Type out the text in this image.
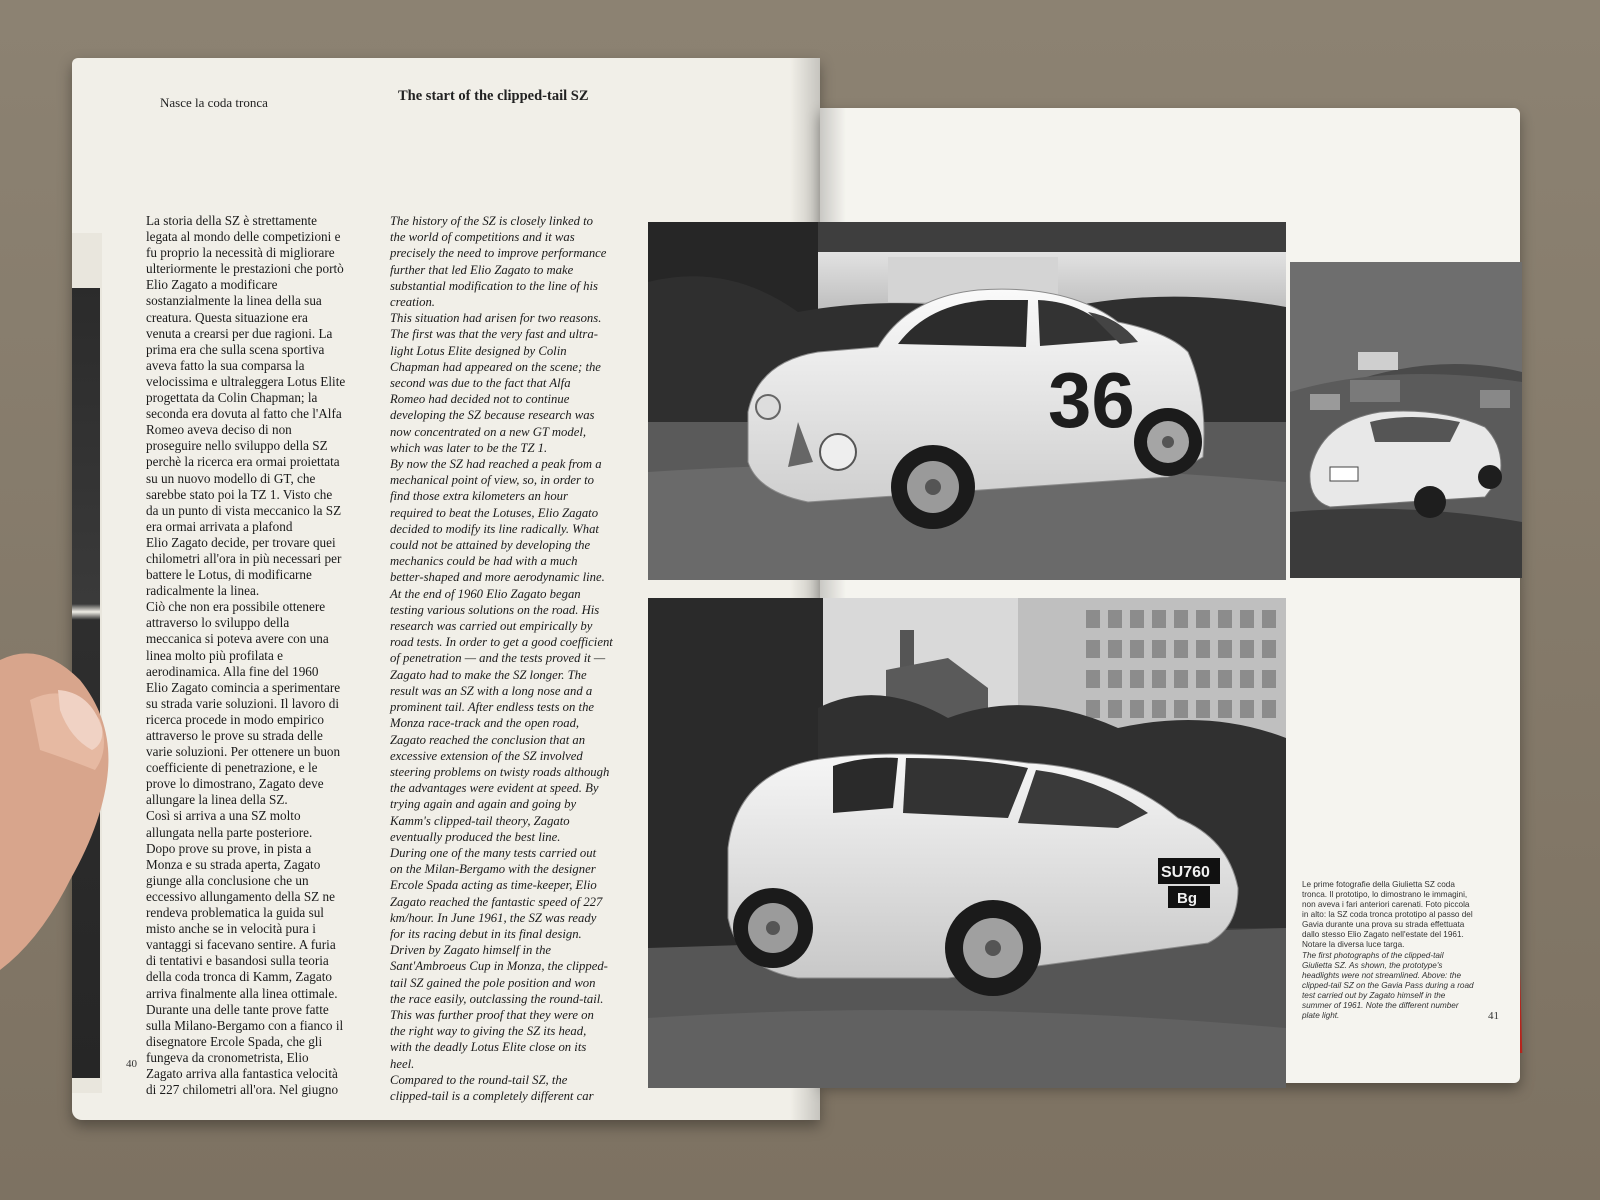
Nasce la coda tronca	The start of the clipped-tail SZ
La storia della SZ è strettamente
legata al mondo delle competizioni e
fu proprio la necessità di migliorare
ulteriormente le prestazioni che portò
Elio Zagato a modificare
sostanzialmente la linea della sua
creatura. Questa situazione era
venuta a crearsi per due ragioni. La
prima era che sulla scena sportiva
aveva fatto la sua comparsa la
velocissima e ultraleggera Lotus Elite
progettata da Colin Chapman; la
seconda era dovuta al fatto che l'Alfa
Romeo aveva deciso di non
proseguire nello sviluppo della SZ
perchè la ricerca era ormai proiettata
su un nuovo modello di GT, che
sarebbe stato poi la TZ 1. Visto che
da un punto di vista meccanico la SZ
era ormai arrivata a plafond
Elio Zagato decide, per trovare quei
chilometri all'ora in più necessari per
battere le Lotus, di modificarne
radicalmente la linea.
Ciò che non era possibile ottenere
attraverso lo sviluppo della
meccanica si poteva avere con una
linea molto più profilata e
aerodinamica. Alla fine del 1960
Elio Zagato comincia a sperimentare
su strada varie soluzioni. Il lavoro di
ricerca procede in modo empirico
attraverso le prove su strada delle
varie soluzioni. Per ottenere un buon
coefficiente di penetrazione, e le
prove lo dimostrano, Zagato deve
allungare la linea della SZ.
Così si arriva a una SZ molto
allungata nella parte posteriore.
Dopo prove su prove, in pista a
Monza e su strada aperta, Zagato
giunge alla conclusione che un
eccessivo allungamento della SZ ne
rendeva problematica la guida sul
misto anche se in velocità pura i
vantaggi si facevano sentire. A furia
di tentativi e basandosi sulla teoria
della coda tronca di Kamm, Zagato
arriva finalmente alla linea ottimale.
Durante una delle tante prove fatte
sulla Milano-Bergamo con a fianco il
disegnatore Ercole Spada, che gli
fungeva da cronometrista, Elio
Zagato arriva alla fantastica velocità
di 227 chilometri all'ora. Nel giugno
The history of the SZ is closely linked to
the world of competitions and it was
precisely the need to improve performance
further that led Elio Zagato to make
substantial modification to the line of his
creation.
This situation had arisen for two reasons.
The first was that the very fast and ultra-
light Lotus Elite designed by Colin
Chapman had appeared on the scene; the
second was due to the fact that Alfa
Romeo had decided not to continue
developing the SZ because research was
now concentrated on a new GT model,
which was later to be the TZ 1.
By now the SZ had reached a peak from a
mechanical point of view, so, in order to
find those extra kilometers an hour
required to beat the Lotuses, Elio Zagato
decided to modify its line radically. What
could not be attained by developing the
mechanics could be had with a much
better-shaped and more aerodynamic line.
At the end of 1960 Elio Zagato began
testing various solutions on the road. His
research was carried out empirically by
road tests. In order to get a good coefficient
of penetration — and the tests proved it —
Zagato had to make the SZ longer. The
result was an SZ with a long nose and a
prominent tail. After endless tests on the
Monza race-track and the open road,
Zagato reached the conclusion that an
excessive extension of the SZ involved
steering problems on twisty roads although
the advantages were evident at speed. By
trying again and again and going by
Kamm's clipped-tail theory, Zagato
eventually produced the best line.
During one of the many tests carried out
on the Milan-Bergamo with the designer
Ercole Spada acting as time-keeper, Elio
Zagato reached the fantastic speed of 227
km/hour. In June 1961, the SZ was ready
for its racing debut in its final design.
Driven by Zagato himself in the
Sant'Ambroeus Cup in Monza, the clipped-
tail SZ gained the pole position and won
the race easily, outclassing the round-tail.
This was further proof that they were on
the right way to giving the SZ its head,
with the deadly Lotus Elite close on its
heel.
Compared to the round-tail SZ, the
clipped-tail is a completely different car
40
41
36
SU760
Bg
Le prime fotografie della Giulietta SZ coda tronca. Il prototipo, lo dimostrano le immagini, non aveva i fari anteriori carenati. Foto piccola in alto: la SZ coda tronca prototipo al passo del Gavia durante una prova su strada effettuata dallo stesso Elio Zagato nell'estate del 1961. Notare la diversa luce targa.
The first photographs of the clipped-tail Giulietta SZ. As shown, the prototype's headlights were not streamlined. Above: the clipped-tail SZ on the Gavia Pass during a road test carried out by Zagato himself in the summer of 1961. Note the different number plate light.
